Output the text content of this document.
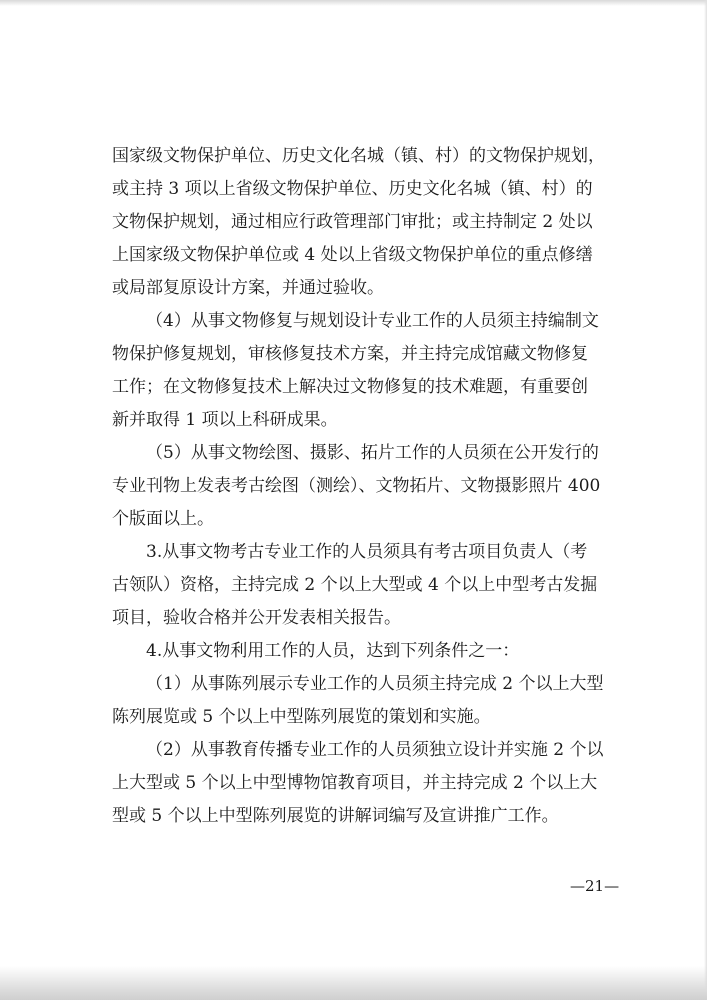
国家级文物保护单位、历史文化名城（镇、村）的文物保护规划，
或主持 3 项以上省级文物保护单位、历史文化名城（镇、村）的
文物保护规划，通过相应行政管理部门审批；或主持制定 2 处以
上国家级文物保护单位或 4 处以上省级文物保护单位的重点修缮
或局部复原设计方案，并通过验收。
（4）从事文物修复与规划设计专业工作的人员须主持编制文
物保护修复规划，审核修复技术方案，并主持完成馆藏文物修复
工作；在文物修复技术上解决过文物修复的技术难题，有重要创
新并取得 1 项以上科研成果。
（5）从事文物绘图、摄影、拓片工作的人员须在公开发行的
专业刊物上发表考古绘图（测绘）、文物拓片、文物摄影照片 400
个版面以上。
3.从事文物考古专业工作的人员须具有考古项目负责人（考
古领队）资格，主持完成 2 个以上大型或 4 个以上中型考古发掘
项目，验收合格并公开发表相关报告。
4.从事文物利用工作的人员，达到下列条件之一：
（1）从事陈列展示专业工作的人员须主持完成 2 个以上大型
陈列展览或 5 个以上中型陈列展览的策划和实施。
（2）从事教育传播专业工作的人员须独立设计并实施 2 个以
上大型或 5 个以上中型博物馆教育项目，并主持完成 2 个以上大
型或 5 个以上中型陈列展览的讲解词编写及宣讲推广工作。
—21—
